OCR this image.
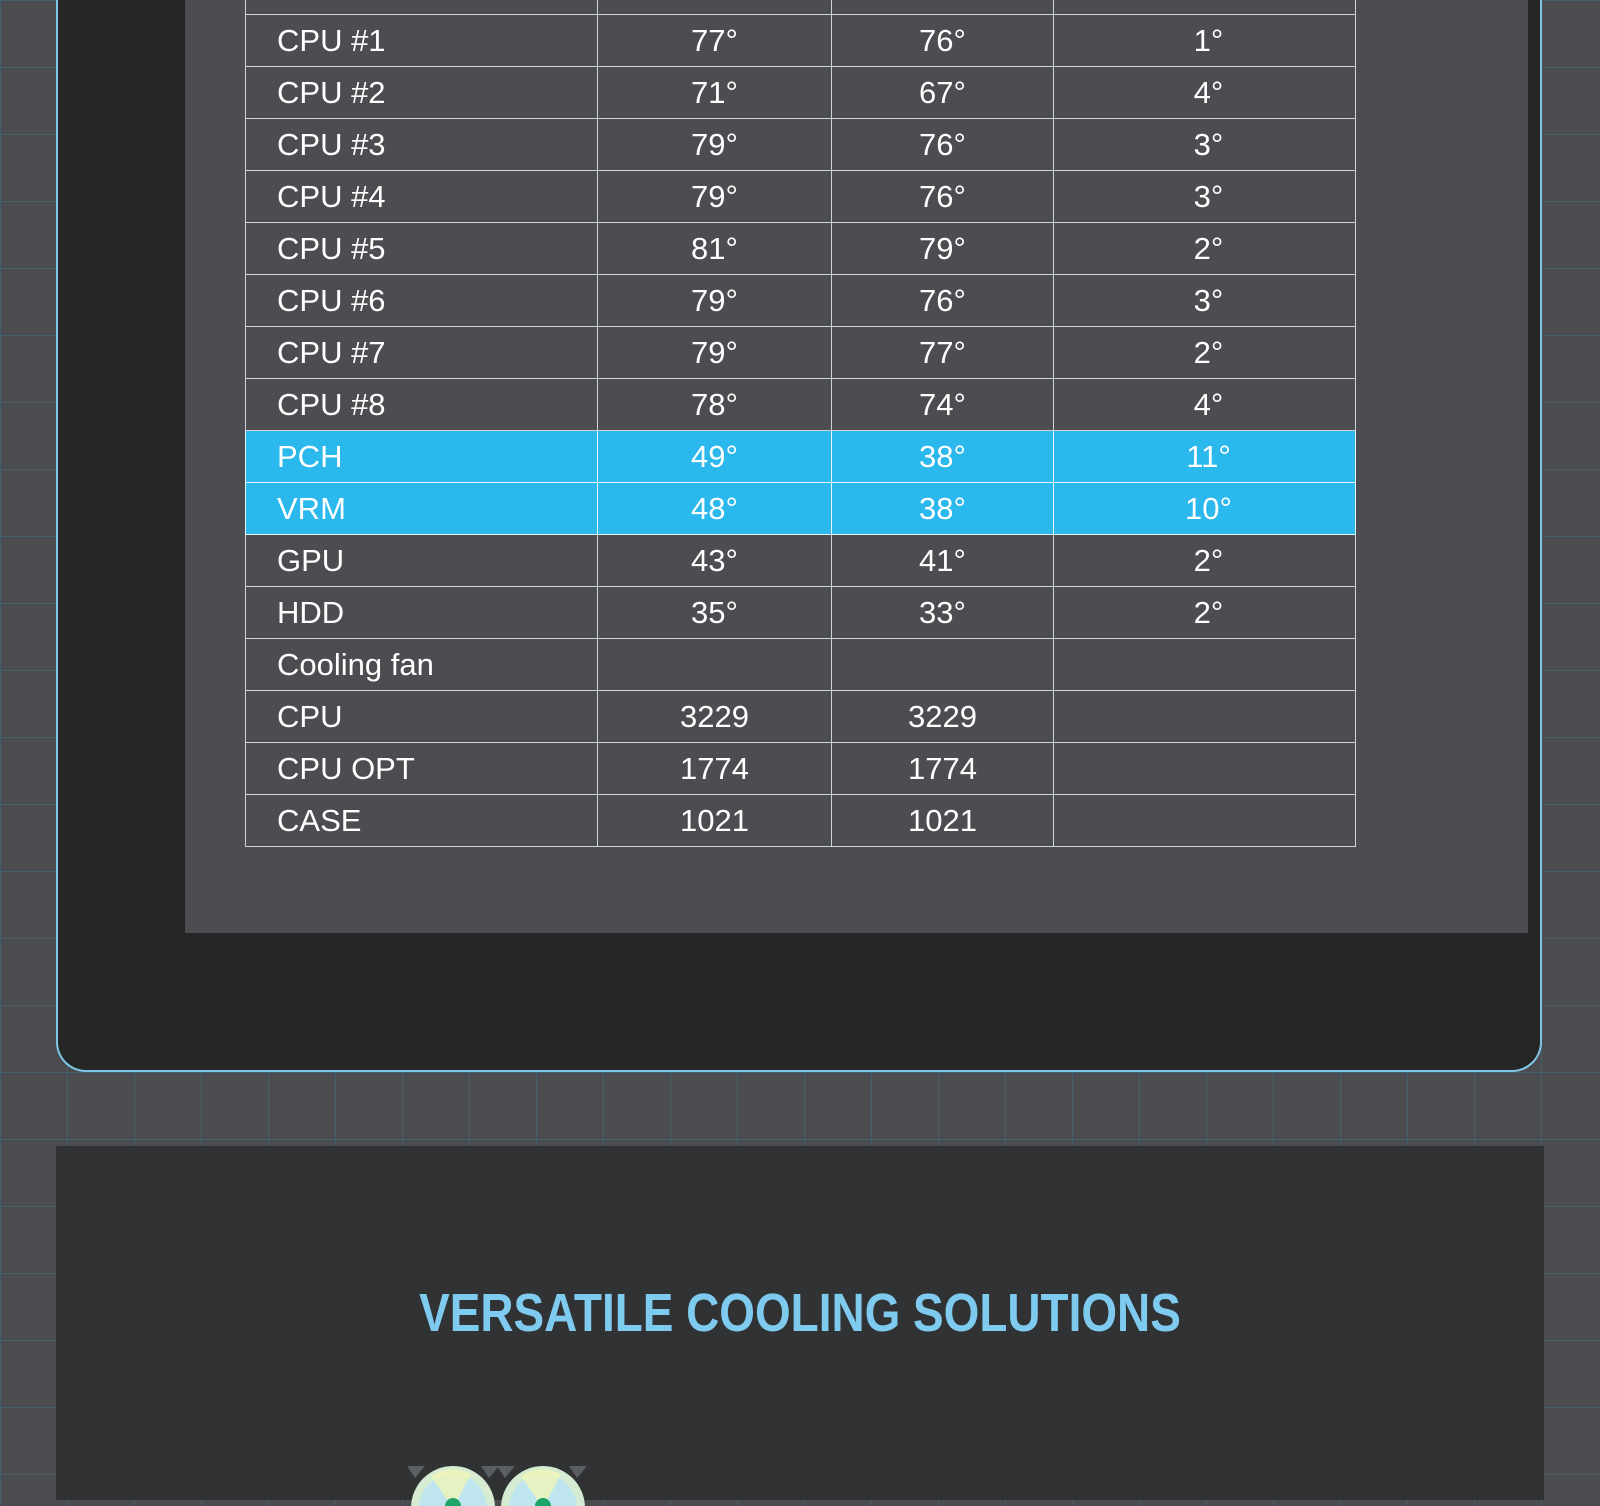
CPU #1	77°	76°	1°
CPU #2	71°	67°	4°
CPU #3	79°	76°	3°
CPU #4	79°	76°	3°
CPU #5	81°	79°	2°
CPU #6	79°	76°	3°
CPU #7	79°	77°	2°
CPU #8	78°	74°	4°
PCH	49°	38°	11°
VRM	48°	38°	10°
GPU	43°	41°	2°
HDD	35°	33°	2°
Cooling fan			
CPU	3229	3229	
CPU OPT	1774	1774	
CASE	1021	1021	
VERSATILE COOLING SOLUTIONS
